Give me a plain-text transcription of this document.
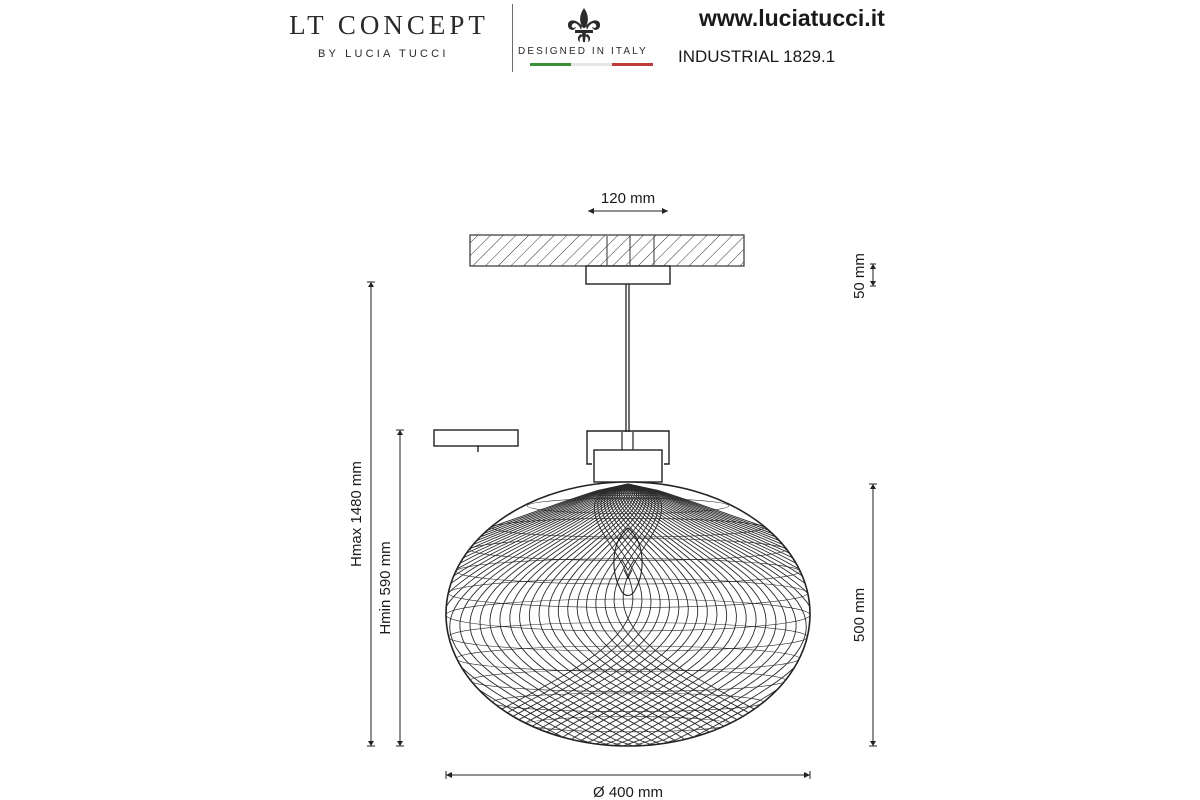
LT CONCEPT
BY LUCIA TUCCI	DESIGNED IN ITALY
www.luciatucci.it
INDUSTRIAL 1829.1
120 mm
50 mm
Hmax 1480 mm
Hmin 590 mm	500 mm
Ø 400 mm
